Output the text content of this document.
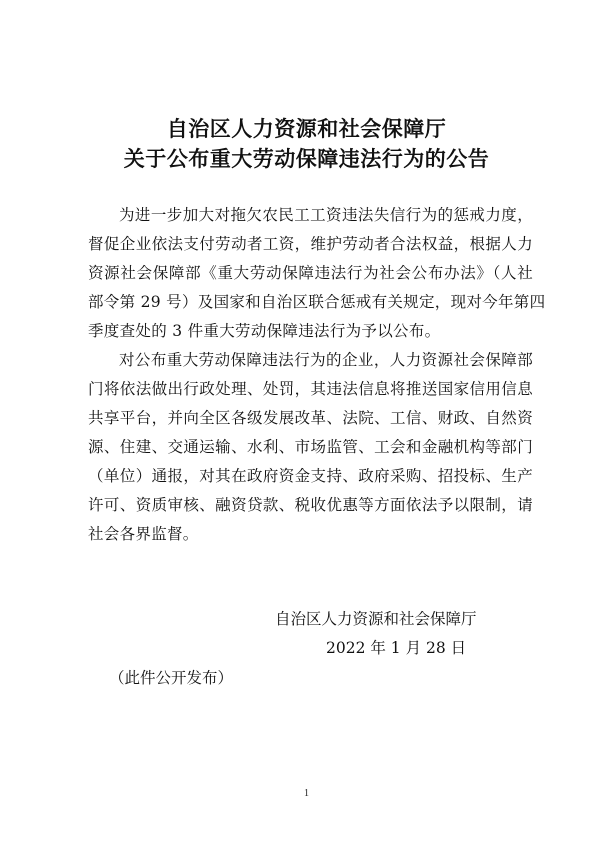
自治区人力资源和社会保障厅
关于公布重大劳动保障违法行为的公告
为进一步加大对拖欠农民工工资违法失信行为的惩戒力度，
督促企业依法支付劳动者工资，维护劳动者合法权益，根据人力
资源社会保障部《重大劳动保障违法行为社会公布办法》（人社
部令第 29 号）及国家和自治区联合惩戒有关规定，现对今年第四
季度查处的 3 件重大劳动保障违法行为予以公布。
对公布重大劳动保障违法行为的企业，人力资源社会保障部
门将依法做出行政处理、处罚，其违法信息将推送国家信用信息
共享平台，并向全区各级发展改革、法院、工信、财政、自然资
源、住建、交通运输、水利、市场监管、工会和金融机构等部门
（单位）通报，对其在政府资金支持、政府采购、招投标、生产
许可、资质审核、融资贷款、税收优惠等方面依法予以限制，请
社会各界监督。
自治区人力资源和社会保障厅
2022 年 1 月 28 日
（此件公开发布）
1
